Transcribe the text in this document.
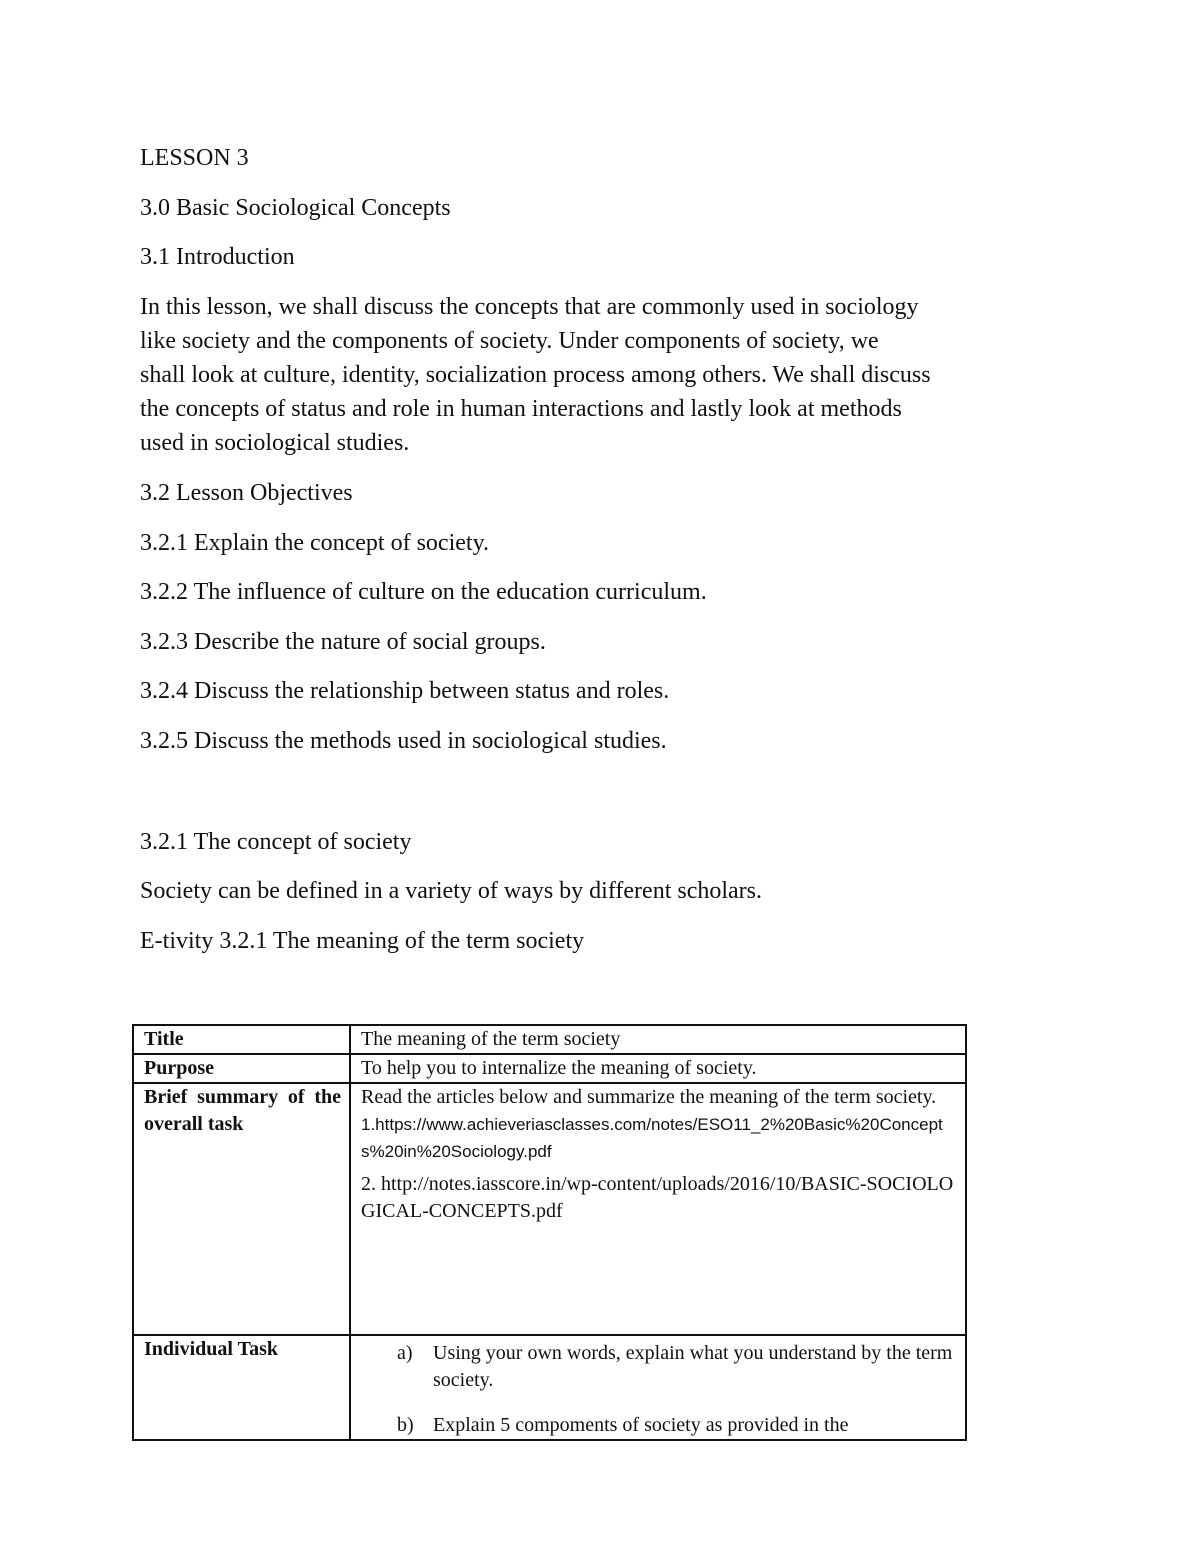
LESSON 3
3.0 Basic Sociological Concepts
3.1 Introduction
In this lesson, we shall discuss the concepts that are commonly used in sociology
like society and the components of society. Under components of society, we
shall look at culture, identity, socialization process among others. We shall discuss
the concepts of status and role in human interactions and lastly look at methods
used in sociological studies.
3.2 Lesson Objectives
3.2.1 Explain the concept of society.
3.2.2 The influence of culture on the education curriculum.
3.2.3 Describe the nature of social groups.
3.2.4 Discuss the relationship between status and roles.
3.2.5 Discuss the methods used in sociological studies.
3.2.1 The concept of society
Society can be defined in a variety of ways by different scholars.
E-tivity 3.2.1 The meaning of the term society
Title	The meaning of the term society
Purpose	To help you to internalize the meaning of society.
Brief summary of the overall task	Read the articles below and summarize the meaning of the term society.
1.https://www.achieveriasclasses.com/notes/ESO11_2%20Basic%20Concepts%20in%20Sociology.pdf
2. http://notes.iasscore.in/wp-content/uploads/2016/10/BASIC-SOCIOLOGICAL-CONCEPTS.pdf

Individual Task	a) Using your own words, explain what you understand by the term society.
b) Explain 5 compoments of society as provided in the
